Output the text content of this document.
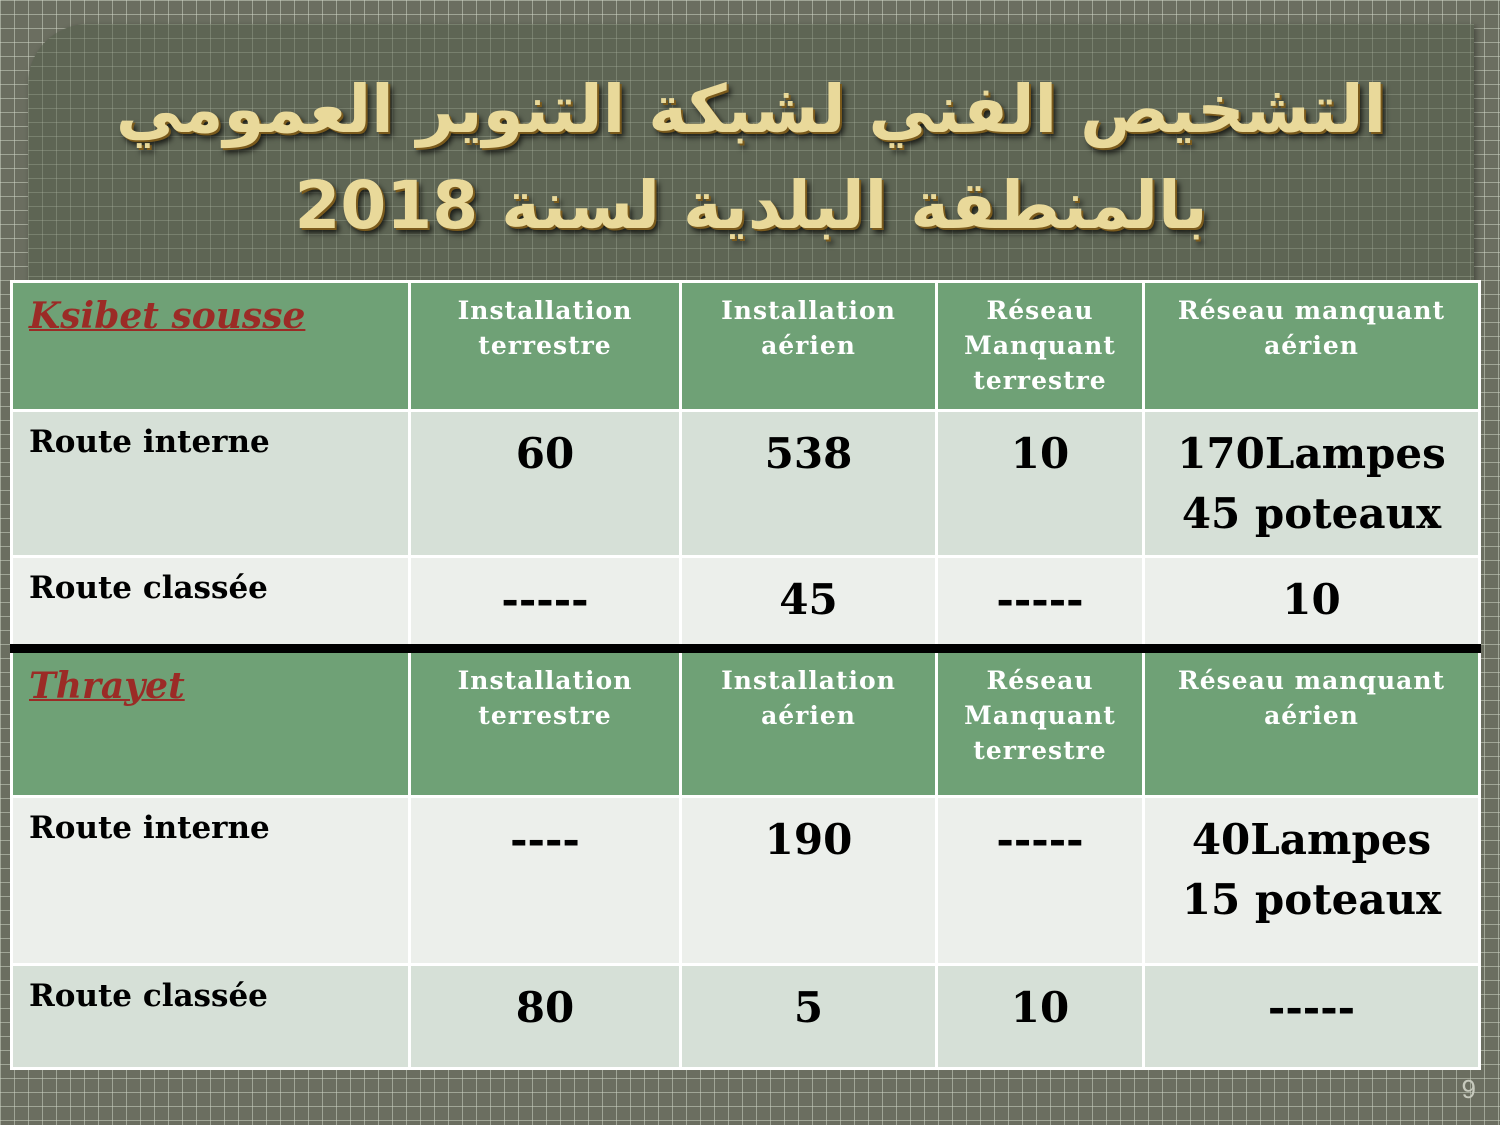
التشخيص الفني لشبكة التنوير العمومي
بالمنطقة البلدية لسنة 2018
Ksibet sousse	Installation terrestre	Installation aérien	Réseau Manquant terrestre	Réseau manquant aérien
Route interne	60	538	10	170Lampes
45 poteaux
Route classée	-----	45	-----	10
Thrayet	Installation terrestre	Installation aérien	Réseau Manquant terrestre	Réseau manquant aérien
Route interne	----	190	-----	40Lampes
15 poteaux
Route classée	80	5	10	-----
9
